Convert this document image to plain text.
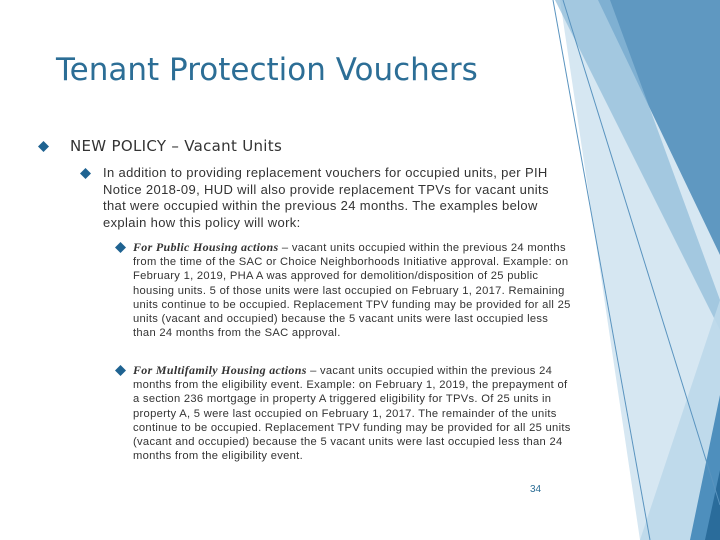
Tenant Protection Vouchers
NEW POLICY – Vacant Units
In addition to providing replacement vouchers for occupied units, per PIH Notice 2018-09, HUD will also provide replacement TPVs for vacant units that were occupied within the previous 24 months. The examples below explain how this policy will work:
For Public Housing actions – vacant units occupied within the previous 24 months from the time of the SAC or Choice Neighborhoods Initiative approval. Example: on February 1, 2019, PHA A was approved for demolition/disposition of 25 public housing units. 5 of those units were last occupied on February 1, 2017. Remaining units continue to be occupied. Replacement TPV funding may be provided for all 25 units (vacant and occupied) because the 5 vacant units were last occupied less than 24 months from the SAC approval.
For Multifamily Housing actions – vacant units occupied within the previous 24 months from the eligibility event. Example: on February 1, 2019, the prepayment of a section 236 mortgage in property A triggered eligibility for TPVs. Of 25 units in property A, 5 were last occupied on February 1, 2017. The remainder of the units continue to be occupied. Replacement TPV funding may be provided for all 25 units (vacant and occupied) because the 5 vacant units were last occupied less than 24 months from the eligibility event.
34
